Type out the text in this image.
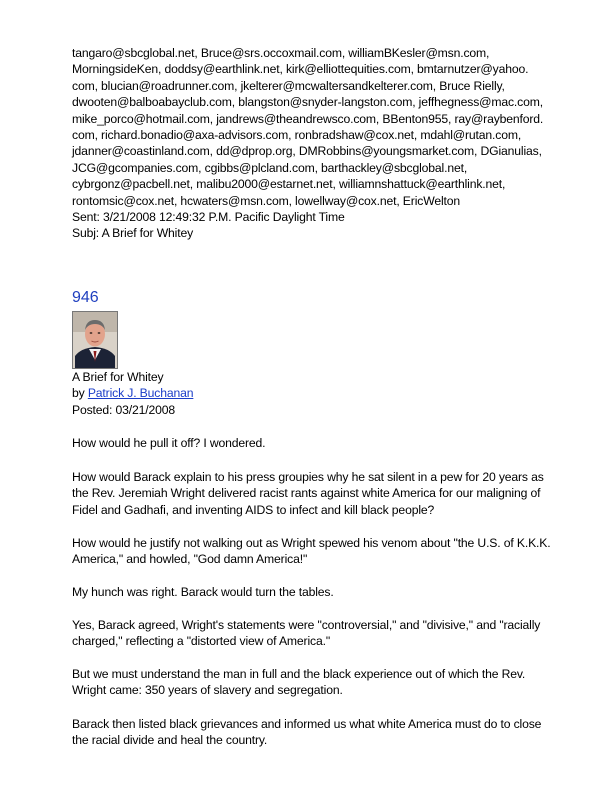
tangaro@sbcglobal.net, Bruce@srs.occoxmail.com, williamBKesler@msn.com,
MorningsideKen, doddsy@earthlink.net, kirk@elliottequities.com, bmtarnutzer@yahoo.
com, blucian@roadrunner.com, jkelterer@mcwaltersandkelterer.com, Bruce Rielly,
dwooten@balboabayclub.com, blangston@snyder-langston.com, jeffhegness@mac.com,
mike_porco@hotmail.com, jandrews@theandrewsco.com, BBenton955, ray@raybenford.
com, richard.bonadio@axa-advisors.com, ronbradshaw@cox.net, mdahl@rutan.com,
jdanner@coastinland.com, dd@dprop.org, DMRobbins@youngsmarket.com, DGianulias,
JCG@gcompanies.com, cgibbs@plcland.com, barthackley@sbcglobal.net,
cybrgonz@pacbell.net, malibu2000@estarnet.net, williamnshattuck@earthlink.net,
rontomsic@cox.net, hcwaters@msn.com, lowellway@cox.net, EricWelton
Sent: 3/21/2008 12:49:32 P.M. Pacific Daylight Time
Subj: A Brief for Whitey
946
A Brief for Whitey
by Patrick J. Buchanan
Posted: 03/21/2008
How would he pull it off? I wondered.
How would Barack explain to his press groupies why he sat silent in a pew for 20 years as
the Rev. Jeremiah Wright delivered racist rants against white America for our maligning of
Fidel and Gadhafi, and inventing AIDS to infect and kill black people?
How would he justify not walking out as Wright spewed his venom about "the U.S. of K.K.K.
America," and howled, "God damn America!"
My hunch was right. Barack would turn the tables.
Yes, Barack agreed, Wright's statements were "controversial," and "divisive," and "racially
charged," reflecting a "distorted view of America."
But we must understand the man in full and the black experience out of which the Rev.
Wright came: 350 years of slavery and segregation.
Barack then listed black grievances and informed us what white America must do to close
the racial divide and heal the country.
